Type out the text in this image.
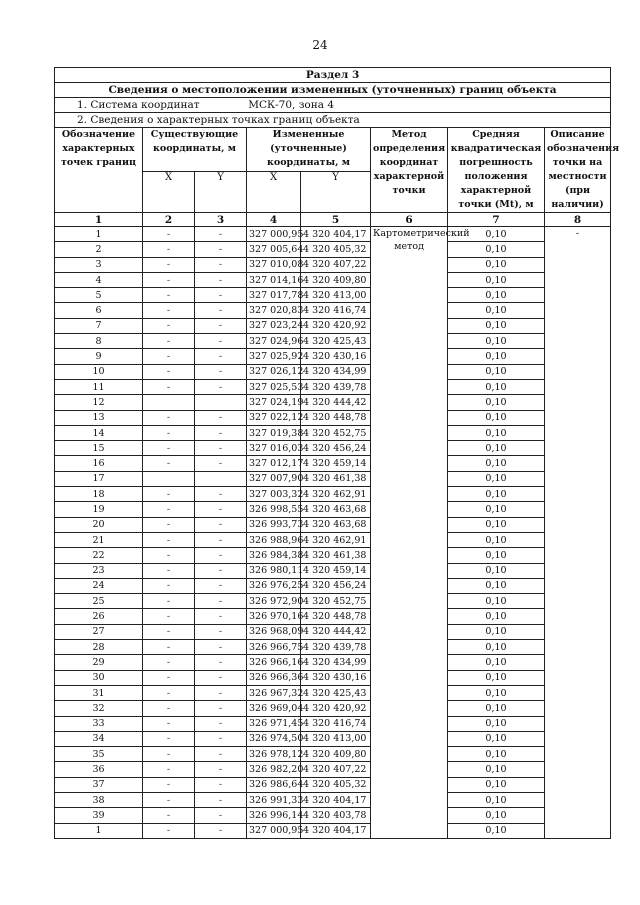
24
Раздел 3							
Сведения о местоположении измененных (уточненных) границ объекта							
1. Система координат МСК-70, зона 4							
2. Сведения о характерных точках границ объекта							
Обозначение характерных точек границ	Существующие координаты, м		Измененные (уточненные) координаты, м		Метод определения координат характерной точки	Средняя квадратическая погрешность положения характерной точки (Mt), м	Описание обозначения точки на местности (при наличии)
	X	Y	X	Y			
1	2	3	4	5	6	7	8
1	-	-	327 000,95	4 320 404,17	Картометрический метод	0,10	-
2	-	-	327 005,64	4 320 405,32		0,10	
3	-	-	327 010,08	4 320 407,22		0,10	
4	-	-	327 014,16	4 320 409,80		0,10	
5	-	-	327 017,78	4 320 413,00		0,10	
6	-	-	327 020,83	4 320 416,74		0,10	
7	-	-	327 023,24	4 320 420,92		0,10	
8	-	-	327 024,96	4 320 425,43		0,10	
9	-	-	327 025,92	4 320 430,16		0,10	
10	-	-	327 026,12	4 320 434,99		0,10	
11	-	-	327 025,53	4 320 439,78		0,10	
12			327 024,19	4 320 444,42		0,10	
13	-	-	327 022,12	4 320 448,78		0,10	
14	-	-	327 019,38	4 320 452,75		0,10	
15	-	-	327 016,03	4 320 456,24		0,10	
16	-	-	327 012,17	4 320 459,14		0,10	
17			327 007,90	4 320 461,38		0,10	
18	-	-	327 003,32	4 320 462,91		0,10	
19	-	-	326 998,55	4 320 463,68		0,10	
20	-	-	326 993,73	4 320 463,68		0,10	
21	-	-	326 988,96	4 320 462,91		0,10	
22	-	-	326 984,38	4 320 461,38		0,10	
23	-	-	326 980,11	4 320 459,14		0,10	
24	-	-	326 976,25	4 320 456,24		0,10	
25	-	-	326 972,90	4 320 452,75		0,10	
26	-	-	326 970,16	4 320 448,78		0,10	
27	-	-	326 968,09	4 320 444,42		0,10	
28	-	-	326 966,75	4 320 439,78		0,10	
29	-	-	326 966,16	4 320 434,99		0,10	
30	-	-	326 966,36	4 320 430,16		0,10	
31	-	-	326 967,32	4 320 425,43		0,10	
32	-	-	326 969,04	4 320 420,92		0,10	
33	-	-	326 971,45	4 320 416,74		0,10	
34	-	-	326 974,50	4 320 413,00		0,10	
35	-	-	326 978,12	4 320 409,80		0,10	
36	-	-	326 982,20	4 320 407,22		0,10	
37	-	-	326 986,64	4 320 405,32		0,10	
38	-	-	326 991,33	4 320 404,17		0,10	
39	-	-	326 996,14	4 320 403,78		0,10	
1	-	-	327 000,95	4 320 404,17		0,10	
